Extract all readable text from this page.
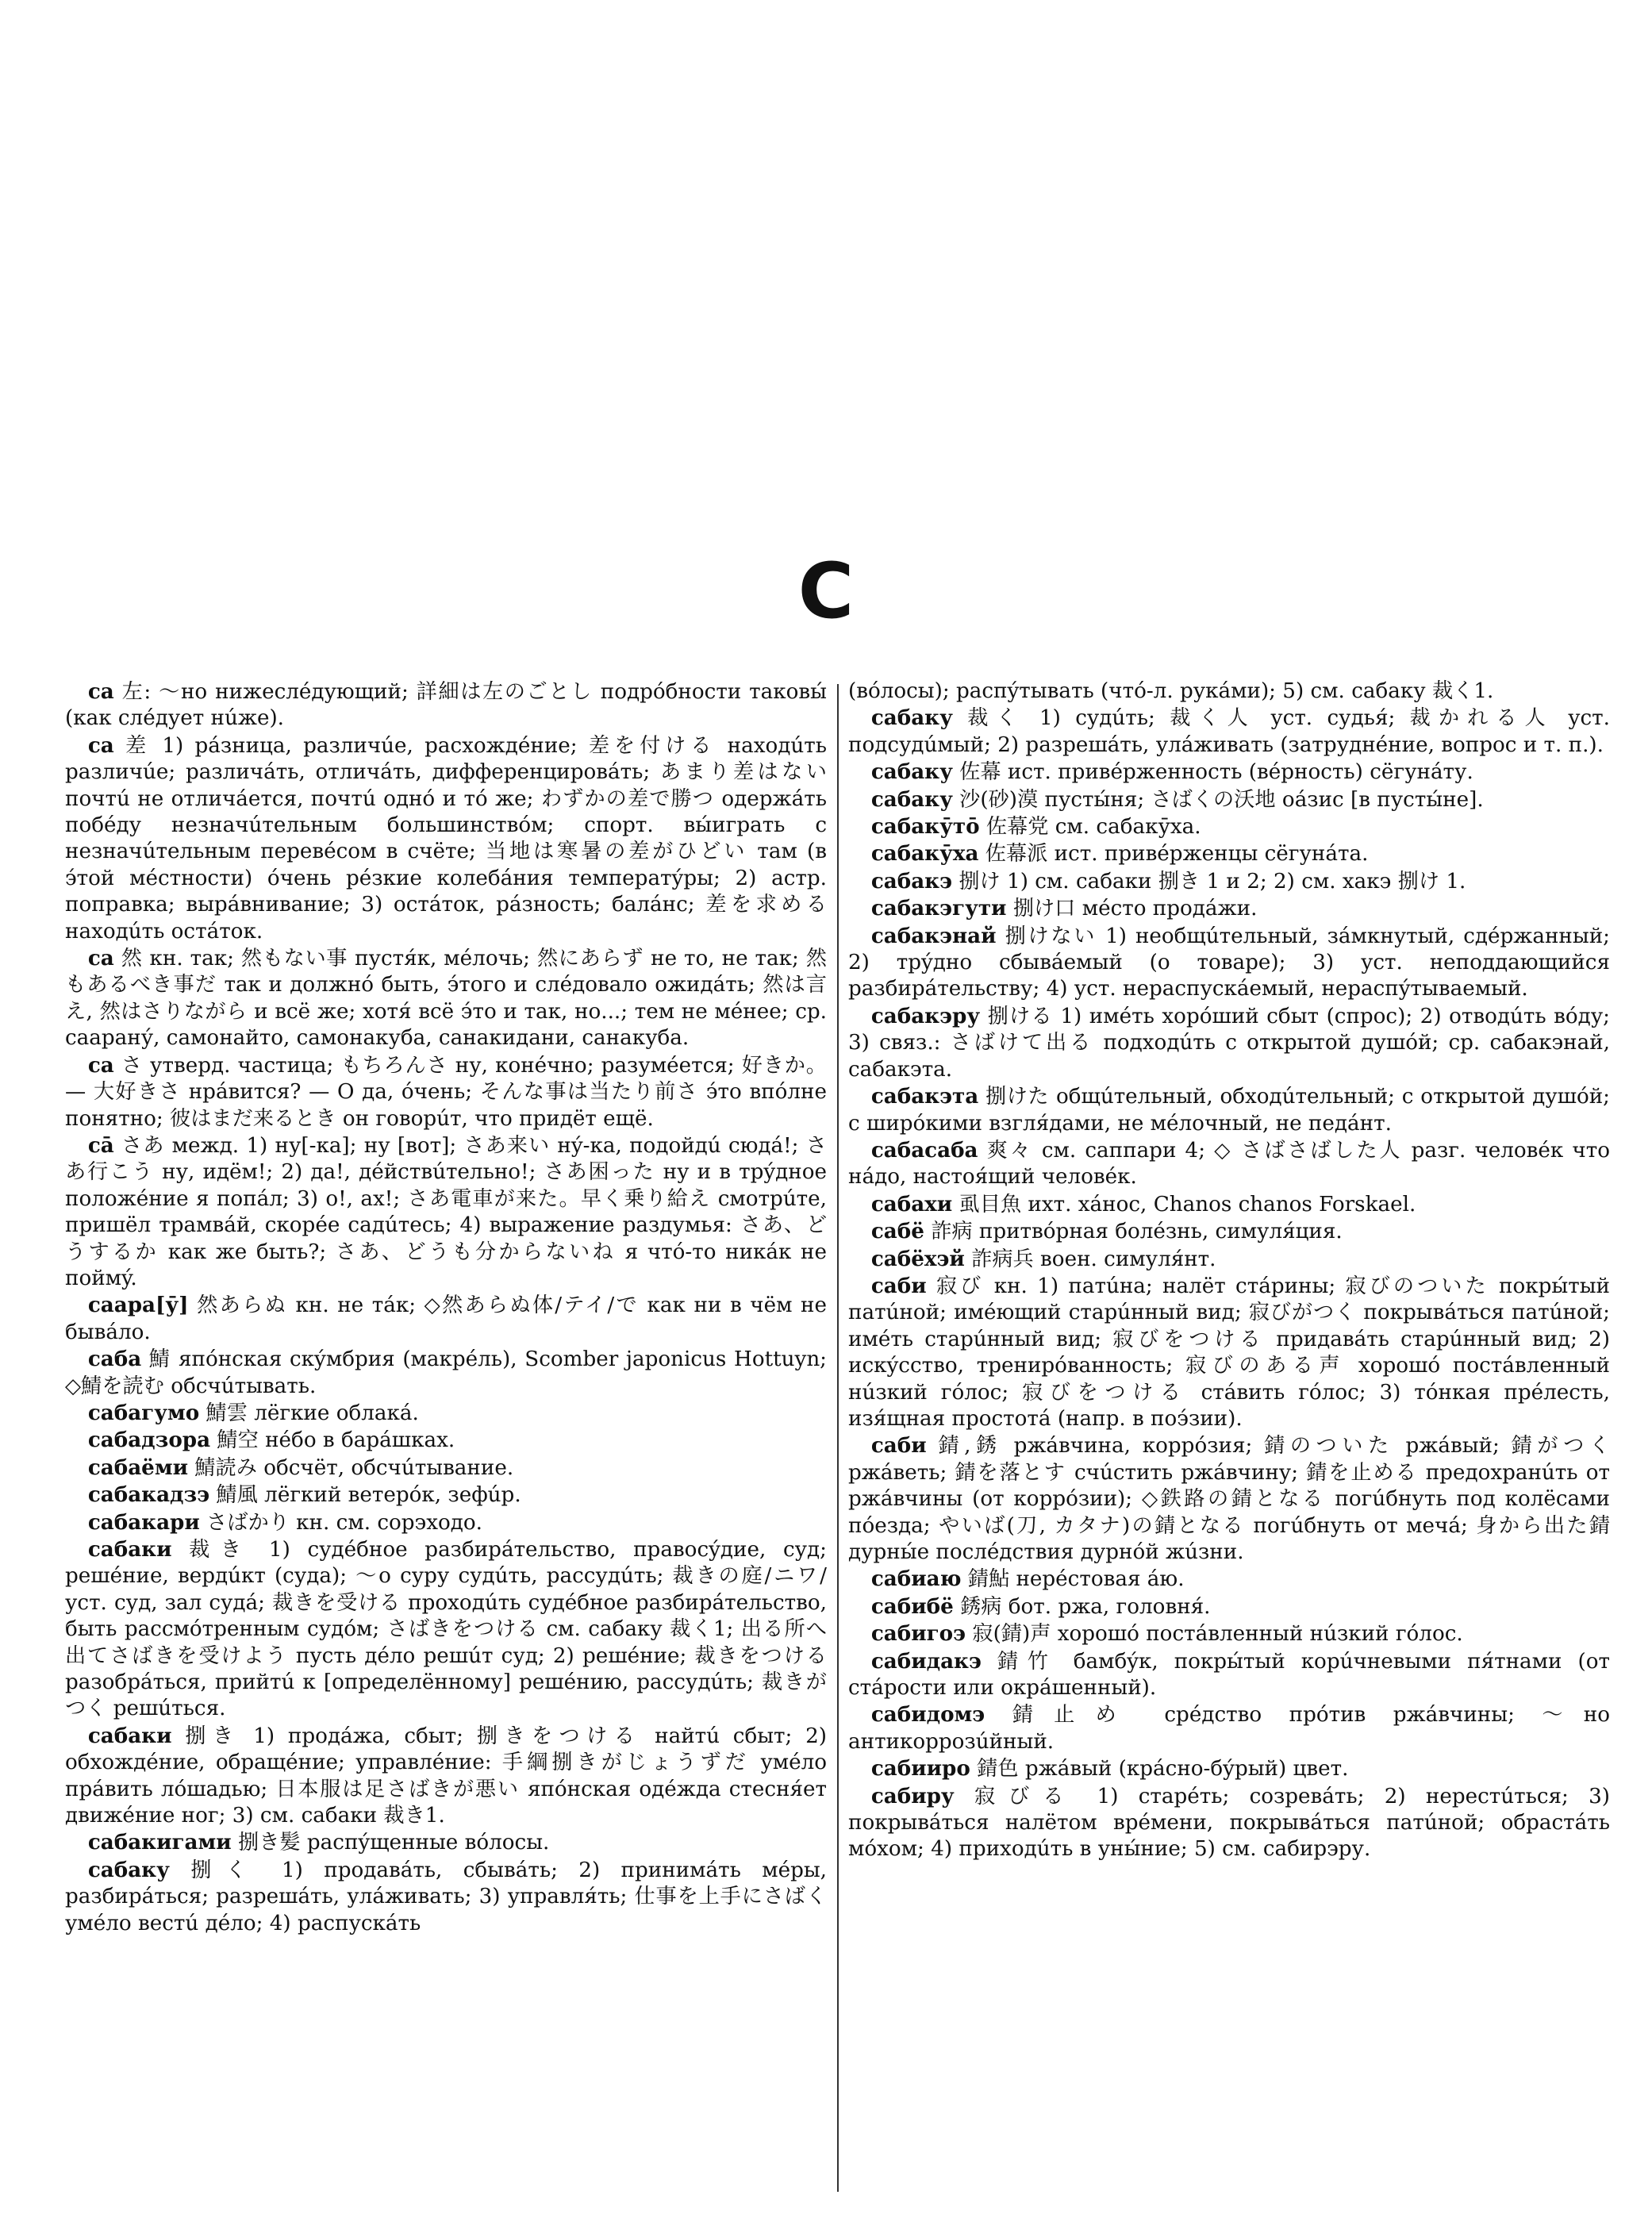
С

са 左: ～но нижеслéдующий; 詳細は左のごとし подрóбности таковы́ (как слéдует нúже).

са 差 1) рáзница, различúе, расхождéние; 差を付ける находúть различúе; различáть, отличáть, дифференцировáть; あまり差はない почтú не отличáется, почтú однó и тó же; わずかの差で勝つ одержáть побéду незначúтельным большинствóм; спорт. вы́играть с незначúтельным перевéсом в счёте; 当地は寒暑の差がひどい там (в э́той мéстности) óчень рéзкие колебáния температýры; 2) астр. поправка; вырáвнивание; 3) остáток, рáзность; балáнс; 差を求める находúть остáток.

са 然 кн. так; 然もない事 пустя́к, мéлочь; 然にあらず не то, не так; 然もあるべき事だ так и должнó быть, э́того и слéдовало ожидáть; 然は言え, 然はさりながら и всё же; хотя́ всё э́то и так, но...; тем не мéнее; ср. саарану́, самонайто, самонакуба, санакидани, санакуба.

са さ утверд. частица; もちろんさ ну, конéчно; разумéется; 好きか。— 大好きさ нрáвится? — О да, óчень; そんな事は当たり前さ э́то впóлне понятно; 彼はまだ来るとき он говорúт, что придёт ещё.

са̄ さあ межд. 1) ну[-ка]; ну [вот]; さあ来い нý-ка, подойдú сюдá!; さあ行こう ну, идём!; 2) да!, дéйствúтельно!; さあ困った ну и в трýдное положéние я попáл; 3) о!, ах!; さあ電車が来た。早く乗り給え смотрúте, пришёл трамвáй, скорéе садúтесь; 4) выражение раздумья: さあ、どうするか как же быть?; さあ、どうも分からないね я чтó-то никáк не поймý.

саара[ӯ] 然あらぬ кн. не тáк; ◇然あらぬ体/テイ/で как ни в чём не бывáло.

саба 鯖 япóнская скýмбрия (макрéль), Scomber japonicus Hottuyn; ◇鯖を読む обсчúтывать.

сабагумо 鯖雲 лёгкие облакá.

сабадзора 鯖空 нéбо в барáшках.

сабаёми 鯖読み обсчёт, обсчúтывание.

сабакадзэ 鯖風 лёгкий ветерóк, зефúр.

сабакари さばかり кн. см. сорэходо.

сабаки 裁き 1) судéбное разбирáтельство, правосýдие, суд; решéние, вердúкт (суда); ～о суру судúть, рассудúть; 裁きの庭/ニワ/ уст. суд, зал судá; 裁きを受ける проходúть судéбное разбирáтельство, быть рассмóтренным судóм; さばきをつける см. сабаку 裁く1; 出る所へ出てさばきを受けよう пусть дéло решúт суд; 2) решéние; 裁きをつける разобрáться, прийтú к [определённому] решéнию, рассудúть; 裁きがつく решúться.

сабаки 捌き 1) продáжа, сбыт; 捌きをつける найтú сбыт; 2) обхождéние, обращéние; управлéние: 手綱捌きがじょうずだ умéло прáвить лóшадью; 日本服は足さばきが悪い япóнская одéжда стесня́ет движéние ног; 3) см. сабаки 裁き1.

сабакигами 捌き髪 распýщенные вóлосы.

сабаку 捌く 1) продавáть, сбывáть; 2) принимáть мéры, разбирáться; разрешáть, улáживать; 3) управля́ть; 仕事を上手にさばく умéло вестú дéло; 4) распускáть

(вóлосы); распýтывать (чтó-л. рукáми); 5) см. сабаку 裁く1.

сабаку 裁く 1) судúть; 裁く人 уст. судья́; 裁かれる人 уст. подсудúмый; 2) разрешáть, улáживать (затруднéние, вопрос и т. п.).

сабаку 佐幕 ист. привéрженность (вéрность) сёгунáту.

сабаку 沙(砂)漠 пусты́ня; さばくの沃地 оáзис [в пусты́не].

сабакӯто̄ 佐幕党 см. сабакӯха.

сабакӯха 佐幕派 ист. привéрженцы сёгунáта.

сабакэ 捌け 1) см. сабаки 捌き 1 и 2; 2) см. хакэ 捌け 1.

сабакэгути 捌け口 мéсто продáжи.

сабакэнай 捌けない 1) необщúтельный, зáмкнутый, сдéржанный; 2) трýдно сбывáемый (о товаре); 3) уст. неподдающийся разбирáтельству; 4) уст. нераспускáемый, нераспýтываемый.

сабакэру 捌ける 1) имéть хорóший сбыт (спрос); 2) отводúть вóду; 3) связ.: さばけて出る подходúть с открытой душóй; ср. сабакэнай, сабакэта.

сабакэта 捌けた общúтельный, обходúтельный; с открытой душóй; с ширóкими взгля́дами, не мéлочный, не педáнт.

сабасаба 爽々 см. саппари 4; ◇ さばさばした人 разг. человéк что нáдо, настоя́щий человéк.

сабахи 虱目魚 ихт. хáнос, Chanos chanos Forskael.

сабё 詐病 притвóрная болéзнь, симуля́ция.

сабёхэй 詐病兵 воен. симуля́нт.

саби 寂び кн. 1) патúна; налёт стáрины; 寂びのついた покры́тый патúной; имéющий старúнный вид; 寂びがつく покрывáться патúной; имéть старúнный вид; 寂びをつける придавáть старúнный вид; 2) искýсство, тренирóванность; 寂びのある声 хорошó постáвленный нúзкий гóлос; 寂びをつける стáвить гóлос; 3) тóнкая прéлесть, изя́щная простотá (напр. в поэ́зии).

саби 錆,銹 ржáвчина, коррóзия; 錆のついた ржáвый; 錆がつく ржáветь; 錆を落とす счúстить ржáвчину; 錆を止める предохранúть от ржáвчины (от коррóзии); ◇鉄路の錆となる погúбнуть под колёсами пóезда; やいば(刀, カタナ)の錆となる погúбнуть от мечá; 身から出た錆 дурны́е послéдствия дурнóй жúзни.

сабиаю 錆鮎 нерéстовая áю.

сабибё 銹病 бот. ржа, головня́.

сабигоэ 寂(錆)声 хорошó постáвленный нúзкий гóлос.

сабидакэ 錆竹 бамбýк, покры́тый корúчневыми пя́тнами (от стáрости или окрáшенный).

сабидомэ 錆止め срéдство прóтив ржáвчины; ～но антикоррозúйный.

сабииро 錆色 ржáвый (крáсно-бýрый) цвет.

сабиру 寂びる 1) старéть; созревáть; 2) нерестúться; 3) покрывáться налётом врéмени, покрывáться патúной; обрастáть мóхом; 4) приходúть в уны́ние; 5) см. сабирэру.
